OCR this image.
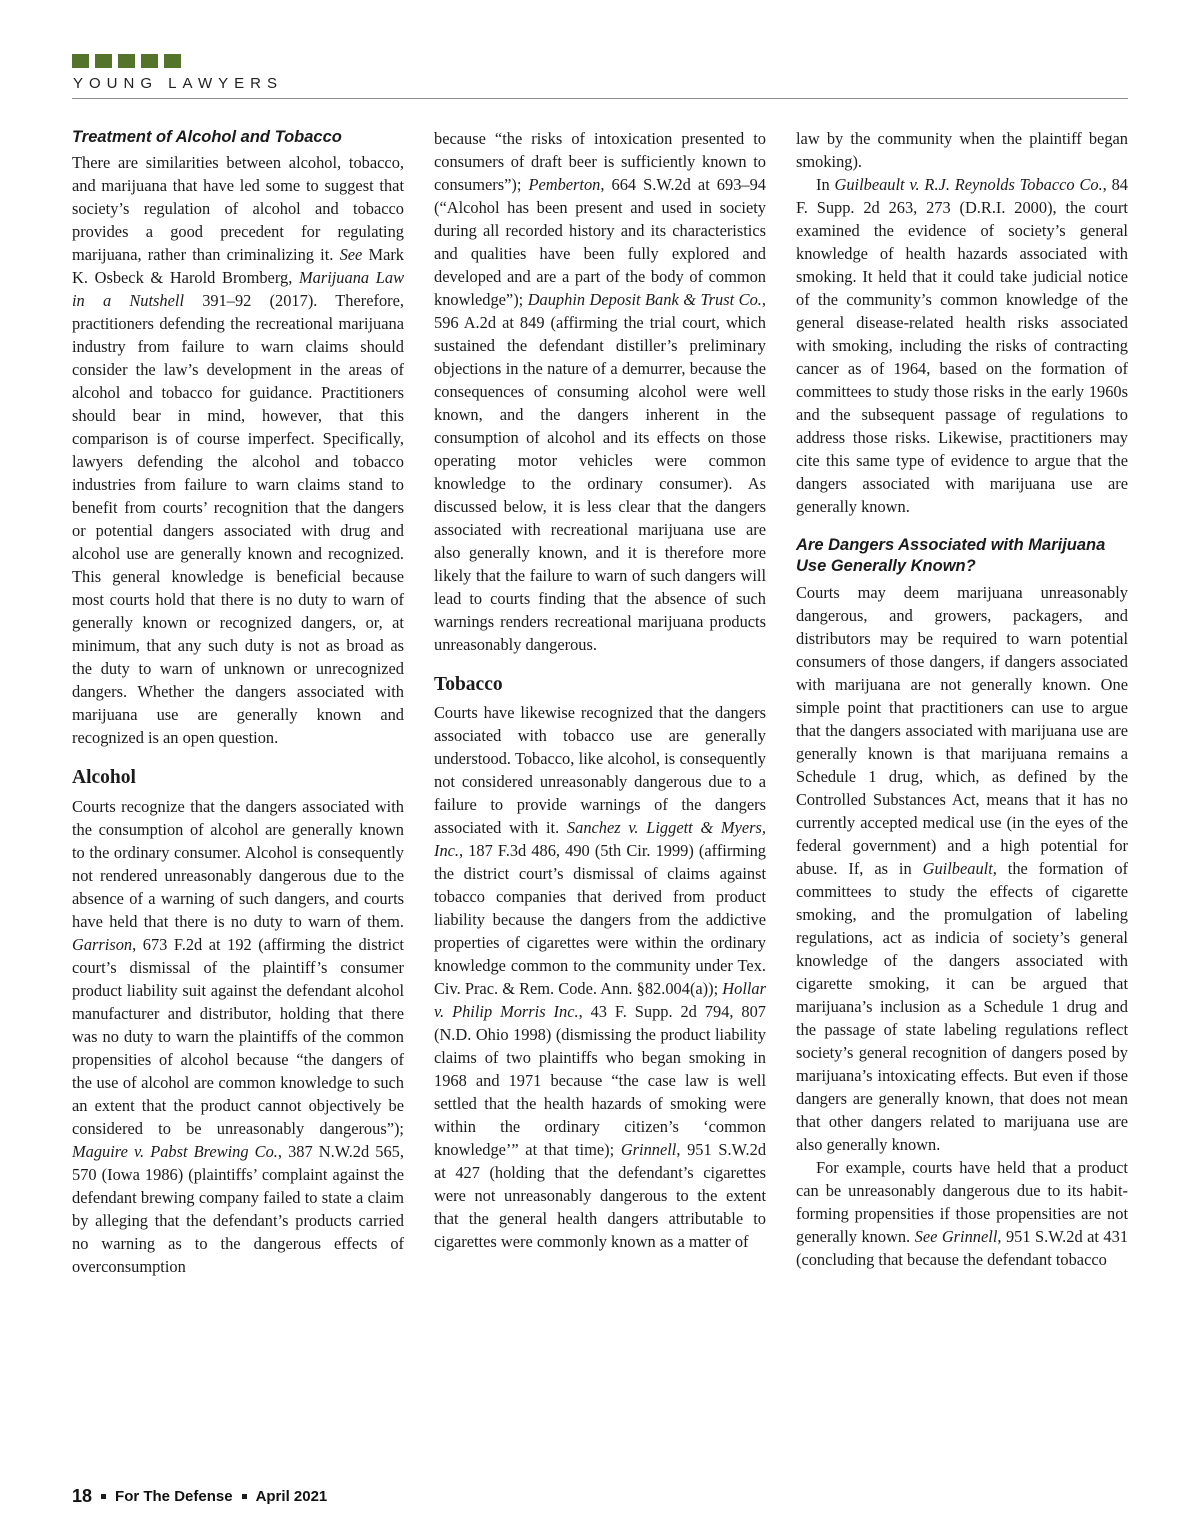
YOUNG LAWYERS
Treatment of Alcohol and Tobacco

There are similarities between alcohol, tobacco, and marijuana that have led some to suggest that society’s regulation of alcohol and tobacco provides a good precedent for regulating marijuana, rather than criminalizing it. See Mark K. Osbeck & Harold Bromberg, Marijuana Law in a Nutshell 391–92 (2017). Therefore, practitioners defending the recreational marijuana industry from failure to warn claims should consider the law’s development in the areas of alcohol and tobacco for guidance. Practitioners should bear in mind, however, that this comparison is of course imperfect. Specifically, lawyers defending the alcohol and tobacco industries from failure to warn claims stand to benefit from courts’ recognition that the dangers or potential dangers associated with drug and alcohol use are generally known and recognized. This general knowledge is beneficial because most courts hold that there is no duty to warn of generally known or recognized dangers, or, at minimum, that any such duty is not as broad as the duty to warn of unknown or unrecognized dangers. Whether the dangers associated with marijuana use are generally known and recognized is an open question.

Alcohol

Courts recognize that the dangers associated with the consumption of alcohol are generally known to the ordinary consumer. Alcohol is consequently not rendered unreasonably dangerous due to the absence of a warning of such dangers, and courts have held that there is no duty to warn of them. Garrison, 673 F.2d at 192 (affirming the district court’s dismissal of the plaintiff’s consumer product liability suit against the defendant alcohol manufacturer and distributor, holding that there was no duty to warn the plaintiffs of the common propensities of alcohol because “the dangers of the use of alcohol are common knowledge to such an extent that the product cannot objectively be considered to be unreasonably dangerous”); Maguire v. Pabst Brewing Co., 387 N.W.2d 565, 570 (Iowa 1986) (plaintiffs’ complaint against the defendant brewing company failed to state a claim by alleging that the defendant’s products carried no warning as to the dangerous effects of overconsumption

because “the risks of intoxication presented to consumers of draft beer is sufficiently known to consumers”); Pemberton, 664 S.W.2d at 693–94 (“Alcohol has been present and used in society during all recorded history and its characteristics and qualities have been fully explored and developed and are a part of the body of common knowledge”); Dauphin Deposit Bank & Trust Co., 596 A.2d at 849 (affirming the trial court, which sustained the defendant distiller’s preliminary objections in the nature of a demurrer, because the consequences of consuming alcohol were well known, and the dangers inherent in the consumption of alcohol and its effects on those operating motor vehicles were common knowledge to the ordinary consumer). As discussed below, it is less clear that the dangers associated with recreational marijuana use are also generally known, and it is therefore more likely that the failure to warn of such dangers will lead to courts finding that the absence of such warnings renders recreational marijuana products unreasonably dangerous.

Tobacco

Courts have likewise recognized that the dangers associated with tobacco use are generally understood. Tobacco, like alcohol, is consequently not considered unreasonably dangerous due to a failure to provide warnings of the dangers associated with it. Sanchez v. Liggett & Myers, Inc., 187 F.3d 486, 490 (5th Cir. 1999) (affirming the district court’s dismissal of claims against tobacco companies that derived from product liability because the dangers from the addictive properties of cigarettes were within the ordinary knowledge common to the community under Tex. Civ. Prac. & Rem. Code. Ann. §82.004(a)); Hollar v. Philip Morris Inc., 43 F. Supp. 2d 794, 807 (N.D. Ohio 1998) (dismissing the product liability claims of two plaintiffs who began smoking in 1968 and 1971 because “the case law is well settled that the health hazards of smoking were within the ordinary citizen’s ‘common knowledge’” at that time); Grinnell, 951 S.W.2d at 427 (holding that the defendant’s cigarettes were not unreasonably dangerous to the extent that the general health dangers attributable to cigarettes were commonly known as a matter of

law by the community when the plaintiff began smoking).

In Guilbeault v. R.J. Reynolds Tobacco Co., 84 F. Supp. 2d 263, 273 (D.R.I. 2000), the court examined the evidence of society’s general knowledge of health hazards associated with smoking. It held that it could take judicial notice of the community’s common knowledge of the general disease-related health risks associated with smoking, including the risks of contracting cancer as of 1964, based on the formation of committees to study those risks in the early 1960s and the subsequent passage of regulations to address those risks. Likewise, practitioners may cite this same type of evidence to argue that the dangers associated with marijuana use are generally known.

Are Dangers Associated with Marijuana Use Generally Known?

Courts may deem marijuana unreasonably dangerous, and growers, packagers, and distributors may be required to warn potential consumers of those dangers, if dangers associated with marijuana are not generally known. One simple point that practitioners can use to argue that the dangers associated with marijuana use are generally known is that marijuana remains a Schedule 1 drug, which, as defined by the Controlled Substances Act, means that it has no currently accepted medical use (in the eyes of the federal government) and a high potential for abuse. If, as in Guilbeault, the formation of committees to study the effects of cigarette smoking, and the promulgation of labeling regulations, act as indicia of society’s general knowledge of the dangers associated with cigarette smoking, it can be argued that marijuana’s inclusion as a Schedule 1 drug and the passage of state labeling regulations reflect society’s general recognition of dangers posed by marijuana’s intoxicating effects. But even if those dangers are generally known, that does not mean that other dangers related to marijuana use are also generally known.

For example, courts have held that a product can be unreasonably dangerous due to its habit-forming propensities if those propensities are not generally known. See Grinnell, 951 S.W.2d at 431 (concluding that because the defendant tobacco

18 For The Defense April 2021
